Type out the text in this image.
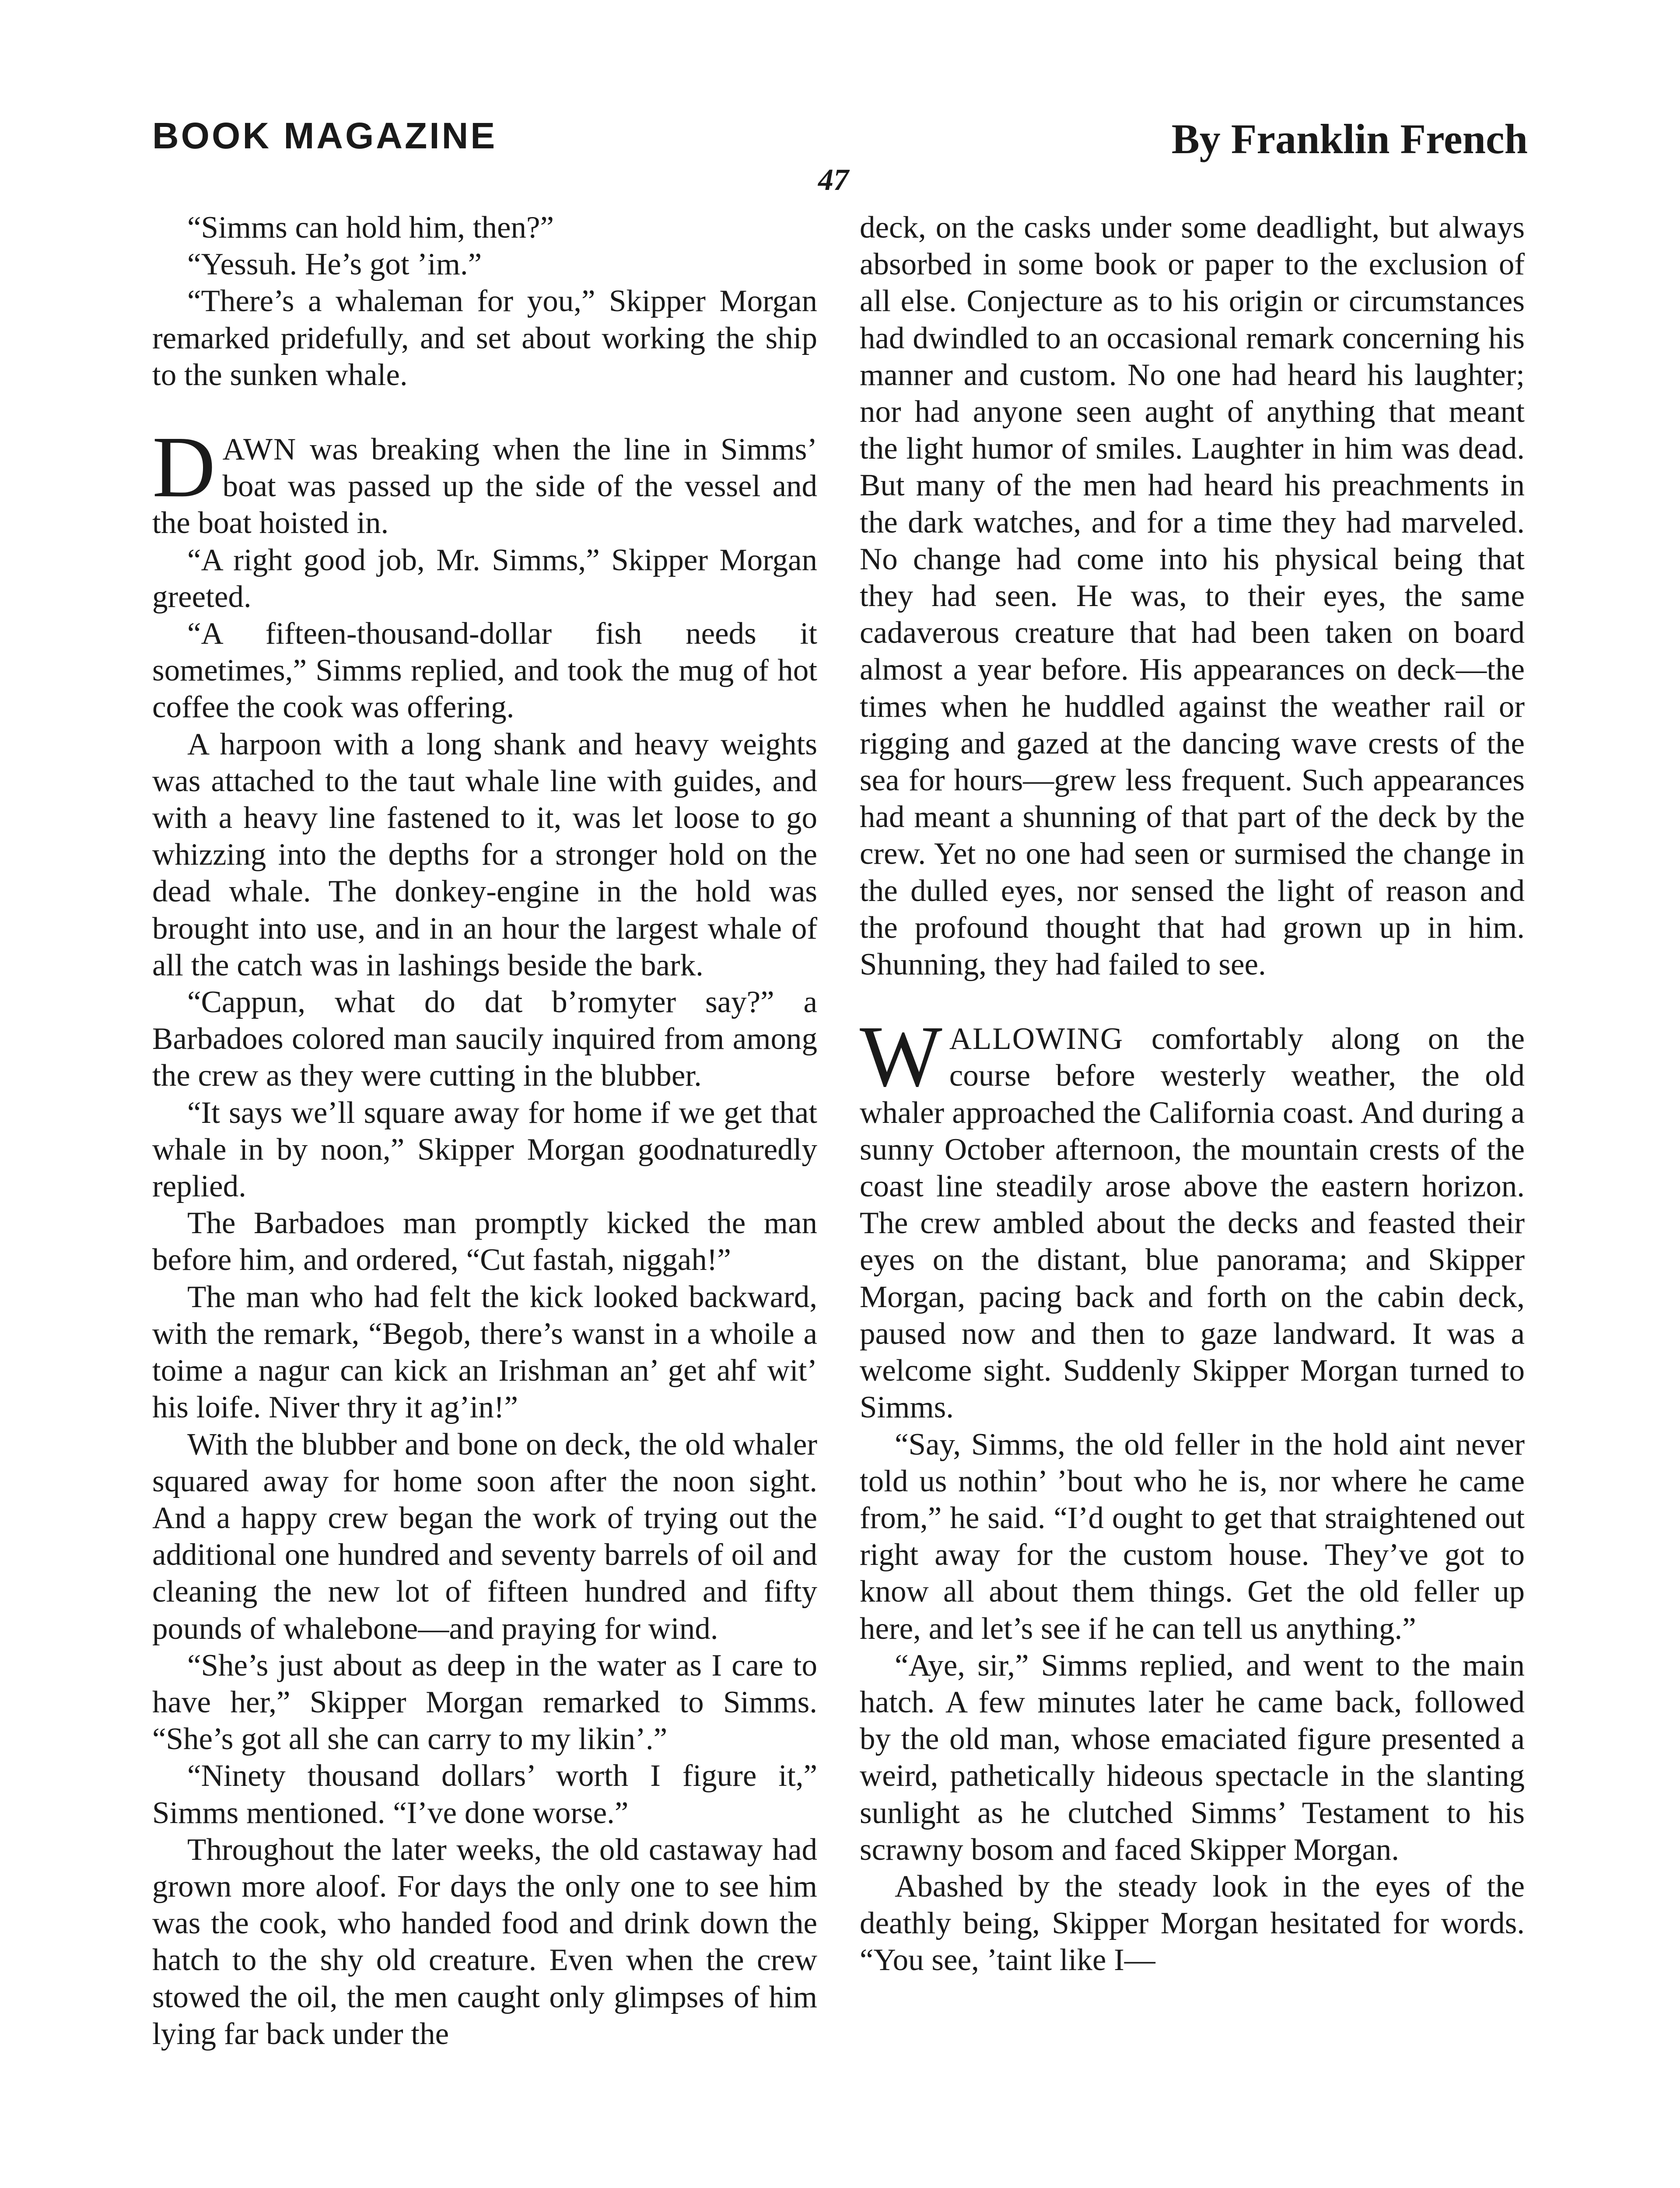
BOOK MAGAZINE	By Franklin French
47

“Simms can hold him, then?”

“Yessuh. He’s got ’im.”

“There’s a whaleman for you,” Skipper Morgan remarked pridefully, and set about working the ship to the sunken whale.

DAWN was breaking when the line in Simms’ boat was passed up the side of the vessel and the boat hoisted in.

“A right good job, Mr. Simms,” Skipper Morgan greeted.

“A fifteen-thousand-dollar fish needs it sometimes,” Simms replied, and took the mug of hot coffee the cook was offering.

A harpoon with a long shank and heavy weights was attached to the taut whale line with guides, and with a heavy line fastened to it, was let loose to go whizzing into the depths for a stronger hold on the dead whale. The donkey-engine in the hold was brought into use, and in an hour the largest whale of all the catch was in lashings beside the bark.

“Cappun, what do dat b’romyter say?” a Barbadoes colored man saucily inquired from among the crew as they were cutting in the blubber.

“It says we’ll square away for home if we get that whale in by noon,” Skipper Morgan goodnaturedly replied.

The Barbadoes man promptly kicked the man before him, and ordered, “Cut fastah, niggah!”

The man who had felt the kick looked backward, with the remark, “Begob, there’s wanst in a whoile a toime a nagur can kick an Irishman an’ get ahf wit’ his loife. Niver thry it ag’in!”

With the blubber and bone on deck, the old whaler squared away for home soon after the noon sight. And a happy crew began the work of trying out the additional one hundred and seventy barrels of oil and cleaning the new lot of fifteen hundred and fifty pounds of whalebone—and praying for wind.

“She’s just about as deep in the water as I care to have her,” Skipper Morgan remarked to Simms. “She’s got all she can carry to my likin’.”

“Ninety thousand dollars’ worth I figure it,” Simms mentioned. “I’ve done worse.”

Throughout the later weeks, the old castaway had grown more aloof. For days the only one to see him was the cook, who handed food and drink down the hatch to the shy old creature. Even when the crew stowed the oil, the men caught only glimpses of him lying far back under the

deck, on the casks under some deadlight, but always absorbed in some book or paper to the exclusion of all else. Conjecture as to his origin or circumstances had dwindled to an occasional remark concerning his manner and custom. No one had heard his laughter; nor had anyone seen aught of anything that meant the light humor of smiles. Laughter in him was dead. But many of the men had heard his preachments in the dark watches, and for a time they had marveled. No change had come into his physical being that they had seen. He was, to their eyes, the same cadaverous creature that had been taken on board almost a year before. His appearances on deck—the times when he huddled against the weather rail or rigging and gazed at the dancing wave crests of the sea for hours—grew less frequent. Such appearances had meant a shunning of that part of the deck by the crew. Yet no one had seen or surmised the change in the dulled eyes, nor sensed the light of reason and the profound thought that had grown up in him. Shunning, they had failed to see.

WALLOWING comfortably along on the course before westerly weather, the old whaler approached the California coast. And during a sunny October afternoon, the mountain crests of the coast line steadily arose above the eastern horizon. The crew ambled about the decks and feasted their eyes on the distant, blue panorama; and Skipper Morgan, pacing back and forth on the cabin deck, paused now and then to gaze landward. It was a welcome sight. Suddenly Skipper Morgan turned to Simms.

“Say, Simms, the old feller in the hold aint never told us nothin’ ’bout who he is, nor where he came from,” he said. “I’d ought to get that straightened out right away for the custom house. They’ve got to know all about them things. Get the old feller up here, and let’s see if he can tell us anything.”

“Aye, sir,” Simms replied, and went to the main hatch. A few minutes later he came back, followed by the old man, whose emaciated figure presented a weird, pathetically hideous spectacle in the slanting sunlight as he clutched Simms’ Testament to his scrawny bosom and faced Skipper Morgan.

Abashed by the steady look in the eyes of the deathly being, Skipper Morgan hesitated for words. “You see, ’taint like I—
